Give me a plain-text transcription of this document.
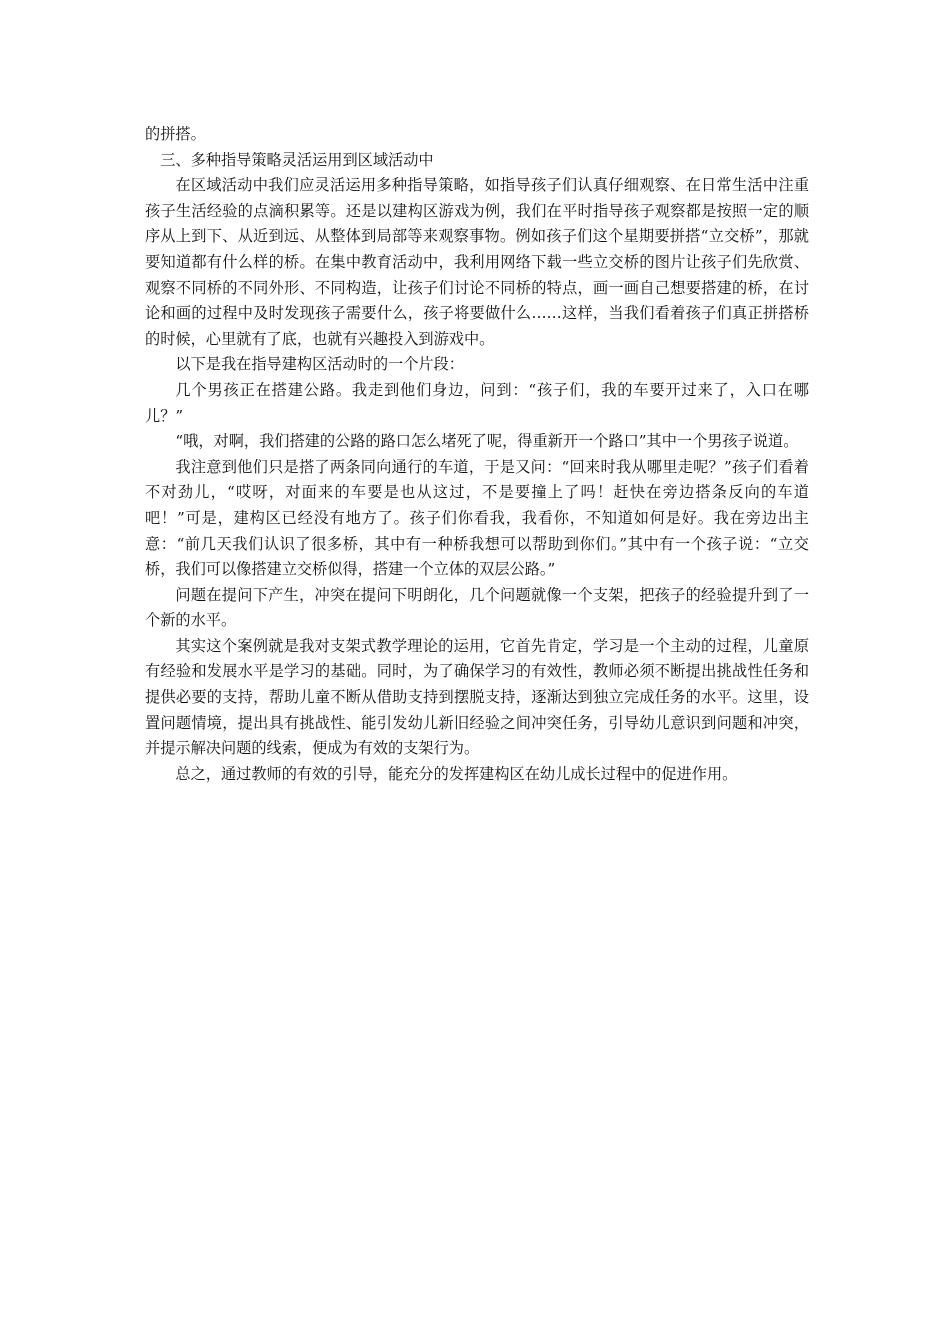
的拼搭。

三、多种指导策略灵活运用到区域活动中

在区域活动中我们应灵活运用多种指导策略，如指导孩子们认真仔细观察、在日常生活中注重孩子生活经验的点滴积累等。还是以建构区游戏为例，我们在平时指导孩子观察都是按照一定的顺序从上到下、从近到远、从整体到局部等来观察事物。例如孩子们这个星期要拼搭“立交桥”，那就要知道都有什么样的桥。在集中教育活动中，我利用网络下载一些立交桥的图片让孩子们先欣赏、观察不同桥的不同外形、不同构造，让孩子们讨论不同桥的特点，画一画自己想要搭建的桥，在讨论和画的过程中及时发现孩子需要什么，孩子将要做什么……这样，当我们看着孩子们真正拼搭桥的时候，心里就有了底，也就有兴趣投入到游戏中。

以下是我在指导建构区活动时的一个片段：

几个男孩正在搭建公路。我走到他们身边，问到：“孩子们，我的车要开过来了，入口在哪儿？”

“哦，对啊，我们搭建的公路的路口怎么堵死了呢，得重新开一个路口”其中一个男孩子说道。

我注意到他们只是搭了两条同向通行的车道，于是又问：“回来时我从哪里走呢？”孩子们看着不对劲儿，“哎呀，对面来的车要是也从这过，不是要撞上了吗！赶快在旁边搭条反向的车道吧！”可是，建构区已经没有地方了。孩子们你看我，我看你，不知道如何是好。我在旁边出主意：“前几天我们认识了很多桥，其中有一种桥我想可以帮助到你们。”其中有一个孩子说：“立交桥，我们可以像搭建立交桥似得，搭建一个立体的双层公路。”

问题在提问下产生，冲突在提问下明朗化，几个问题就像一个支架，把孩子的经验提升到了一个新的水平。

其实这个案例就是我对支架式教学理论的运用，它首先肯定，学习是一个主动的过程，儿童原有经验和发展水平是学习的基础。同时，为了确保学习的有效性，教师必须不断提出挑战性任务和提供必要的支持，帮助儿童不断从借助支持到摆脱支持，逐渐达到独立完成任务的水平。这里，设置问题情境，提出具有挑战性、能引发幼儿新旧经验之间冲突任务，引导幼儿意识到问题和冲突，并提示解决问题的线索，便成为有效的支架行为。

总之，通过教师的有效的引导，能充分的发挥建构区在幼儿成长过程中的促进作用。
